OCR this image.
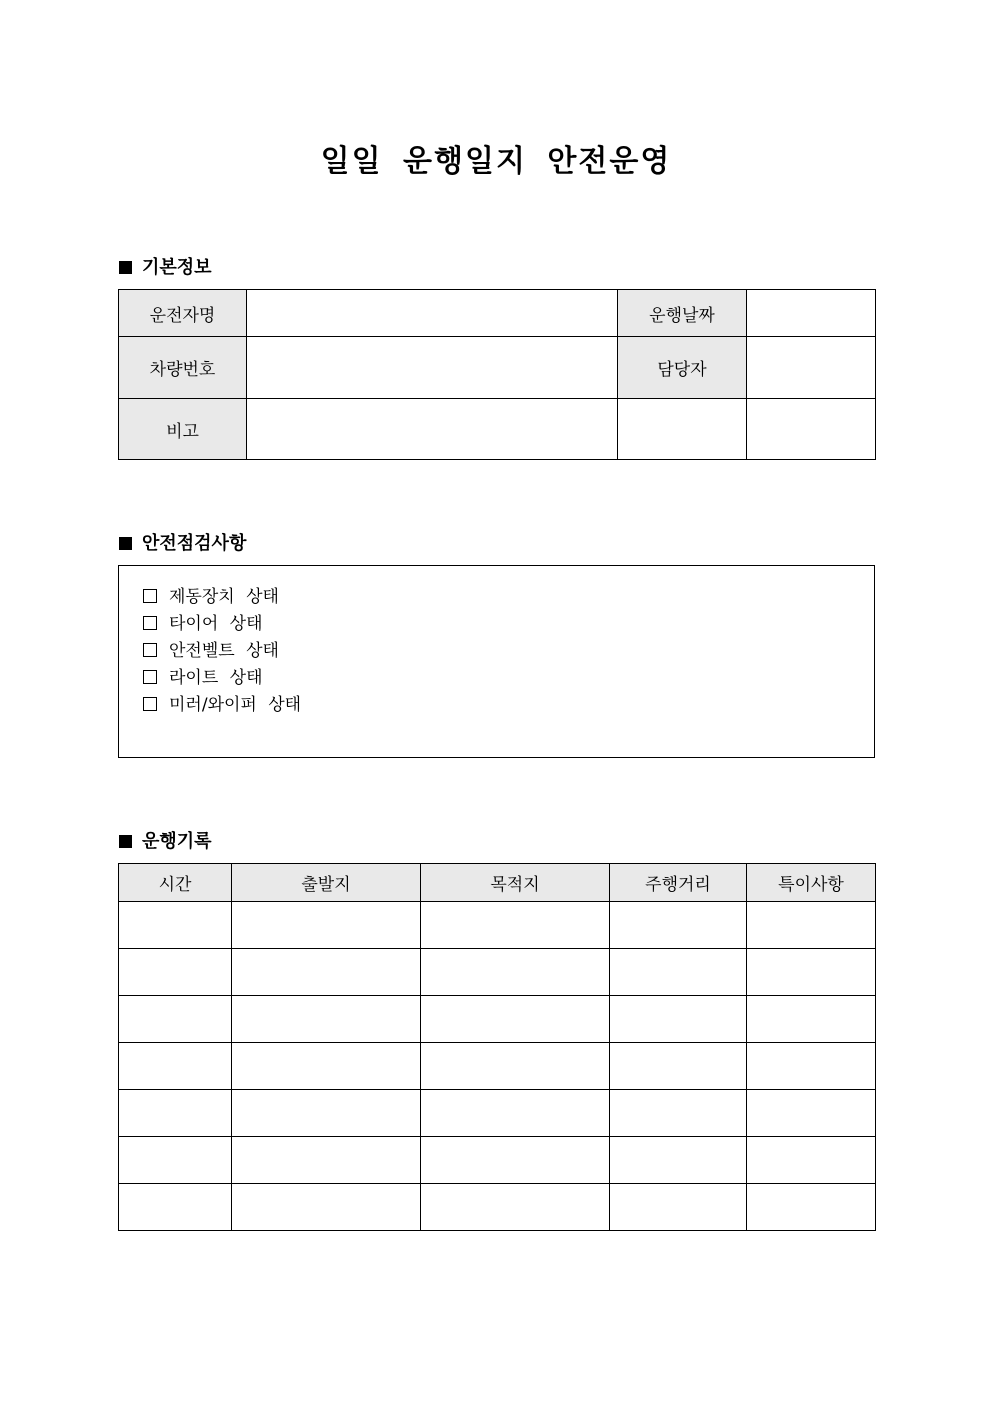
일일 운행일지 안전운영
기본정보
운전자명		운행날짜	
차량번호		담당자	
비고			
안전점검사항
제동장치 상태
타이어 상태
안전벨트 상태
라이트 상태
미러/와이퍼 상태
운행기록
시간	출발지	목적지	주행거리	특이사항
